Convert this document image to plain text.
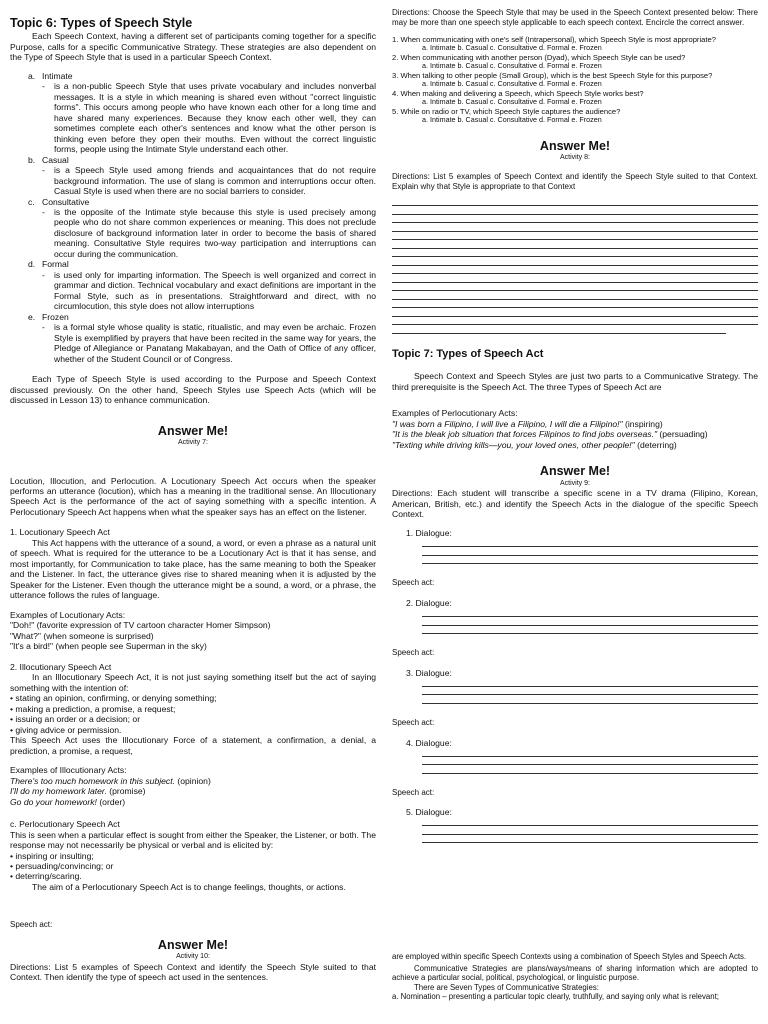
Topic 6: Types of Speech Style

Each Speech Context, having a different set of participants coming together for a specific Purpose, calls for a specific Communicative Strategy. These strategies are also dependent on the Type of Speech Style that is used in a particular Speech Context.

a. Intimate
- is a non-public Speech Style that uses private vocabulary and includes nonverbal messages. It is a style in which meaning is shared even without "correct linguistic forms". This occurs among people who have known each other for a long time and have shared many experiences. Because they know each other well, they can sometimes complete each other's sentences and know what the other person is thinking even before they open their mouths. Even without the correct linguistic forms, people using the Intimate Style understand each other.
b. Casual
- is a Speech Style used among friends and acquaintances that do not require background information. The use of slang is common and interruptions occur often. Casual Style is used when there are no social barriers to consider.
c. Consultative
- is the opposite of the Intimate style because this style is used precisely among people who do not share common experiences or meaning. This does not preclude disclosure of background information later in order to become the basis of shared meaning. Consultative Style requires two-way participation and interruptions can occur during the communication.
d. Formal
- is used only for imparting information. The Speech is well organized and correct in grammar and diction. Technical vocabulary and exact definitions are important in the Formal Style, such as in presentations. Straightforward and direct, with no circumlocution, this style does not allow interruptions
e. Frozen
- is a formal style whose quality is static, ritualistic, and may even be archaic. Frozen Style is exemplified by prayers that have been recited in the same way for years, the Pledge of Allegiance or Panatang Makabayan, and the Oath of Office of any officer, whether of the Student Council or of Congress.

Each Type of Speech Style is used according to the Purpose and Speech Context discussed previously. On the other hand, Speech Styles use Speech Acts (which will be discussed in Lesson 13) to enhance communication.

Answer Me!

Activity 7:

Locution, Illocution, and Perlocution. A Locutionary Speech Act occurs when the speaker performs an utterance (locution), which has a meaning in the traditional sense. An Illocutionary Speech Act is the performance of the act of saying something with a specific intention. A Perlocutionary Speech Act happens when what the speaker says has an effect on the listener.

1. Locutionary Speech Act

This Act happens with the utterance of a sound, a word, or even a phrase as a natural unit of speech. What is required for the utterance to be a Locutionary Act is that it has sense, and most importantly, for Communication to take place, has the same meaning to both the Speaker and the Listener. In fact, the utterance gives rise to shared meaning when it is adjusted by the Speaker for the Listener. Even though the utterance might be a sound, a word, or a phrase, the utterance follows the rules of language.

Examples of Locutionary Acts:

"Doh!" (favorite expression of TV cartoon character Homer Simpson)

"What?" (when someone is surprised)

"It's a bird!" (when people see Superman in the sky)

2. Illocutionary Speech Act

In an Illocutionary Speech Act, it is not just saying something itself but the act of saying something with the intention of:

• stating an opinion, confirming, or denying something;

• making a prediction, a promise, a request;

• issuing an order or a decision; or

• giving advice or permission.

This Speech Act uses the Illocutionary Force of a statement, a confirmation, a denial, a prediction, a promise, a request,

Examples of Illocutionary Acts:

There's too much homework in this subject. (opinion)

I'll do my homework later. (promise)

Go do your homework! (order)

c. Perlocutionary Speech Act

This is seen when a particular effect is sought from either the Speaker, the Listener, or both. The response may not necessarily be physical or verbal and is elicited by:

• inspiring or insulting;

• persuading/convincing; or

• deterring/scaring.

The aim of a Perlocutionary Speech Act is to change feelings, thoughts, or actions.

Speech act:

Answer Me!

Activity 10:

Directions: List 5 examples of Speech Context and identify the Speech Style suited to that Context. Then identify the type of speech act used in the sentences.

Directions: Choose the Speech Style that may be used in the Speech Context presented below: There may be more than one speech style applicable to each speech context. Encircle the correct answer.

1. When communicating with one's self (Intrapersonal), which Speech Style is most appropriate?

a. Intimate b. Casual c. Consultative d. Formal e. Frozen

2. When communicating with another person (Dyad), which Speech Style can be used?

a. Intimate b. Casual c. Consultative d. Formal e. Frozen

3. When talking to other people (Small Group), which is the best Speech Style for this purpose?

a. Intimate b. Casual c. Consultative d. Formal e. Frozen

4. When making and delivering a Speech, which Speech Style works best?

a. Intimate b. Casual c. Consultative d. Formal e. Frozen

5. While on radio or TV, which Speech Style captures the audience?

a. Intimate b. Casual c. Consultative d. Formal e. Frozen

Answer Me!

Activity 8:

Directions: List 5 examples of Speech Context and identify the Speech Style suited to that Context. Explain why that Style is appropriate to that Context

Topic 7: Types of Speech Act

Speech Context and Speech Styles are just two parts to a Communicative Strategy. The third prerequisite is the Speech Act. The three Types of Speech Act are

Examples of Perlocutionary Acts:

"I was born a Filipino, I will live a Filipino, I will die a Filipino!" (inspiring)

"It is the bleak job situation that forces Filipinos to find jobs overseas." (persuading)

"Texting while driving kills—you, your loved ones, other people!" (deterring)

Answer Me!

Activity 9:

Directions: Each student will transcribe a specific scene in a TV drama (Filipino, Korean, American, British, etc.) and identify the Speech Acts in the dialogue of the specific Speech Context.

1. Dialogue:

Speech act:

2. Dialogue:

Speech act:

3. Dialogue:

Speech act:

4. Dialogue:

Speech act:

5. Dialogue:

are employed within specific Speech Contexts using a combination of Speech Styles and Speech Acts.

Communicative Strategies are plans/ways/means of sharing information which are adopted to achieve a particular social, political, psychological, or linguistic purpose.

There are Seven Types of Communicative Strategies:

a. Nomination – presenting a particular topic clearly, truthfully, and saying only what is relevant;
